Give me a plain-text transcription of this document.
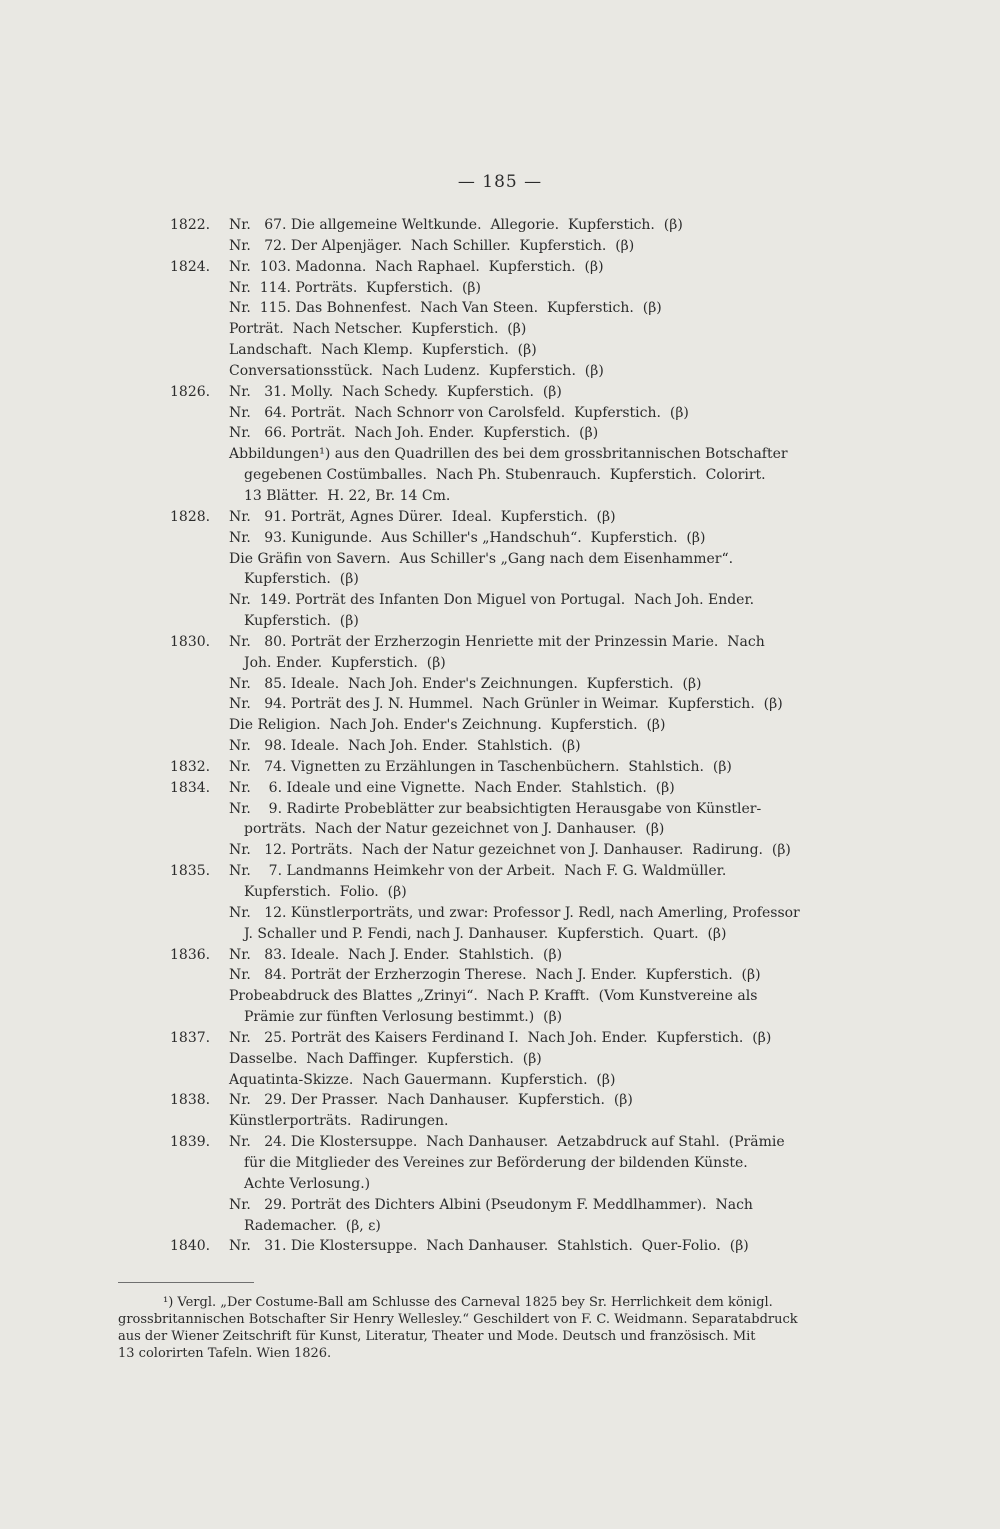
— 185 —
1822.	Nr.   67. Die allgemeine Weltkunde.  Allegorie.  Kupferstich.  (β)
Nr.   72. Der Alpenjäger.  Nach Schiller.  Kupferstich.  (β)
1824.	Nr.  103. Madonna.  Nach Raphael.  Kupferstich.  (β)
Nr.  114. Porträts.  Kupferstich.  (β)
Nr.  115. Das Bohnenfest.  Nach Van Steen.  Kupferstich.  (β)
Porträt.  Nach Netscher.  Kupferstich.  (β)
Landschaft.  Nach Klemp.  Kupferstich.  (β)
Conversationsstück.  Nach Ludenz.  Kupferstich.  (β)
1826.	Nr.   31. Molly.  Nach Schedy.  Kupferstich.  (β)
Nr.   64. Porträt.  Nach Schnorr von Carolsfeld.  Kupferstich.  (β)
Nr.   66. Porträt.  Nach Joh. Ender.  Kupferstich.  (β)
Abbildungen¹) aus den Quadrillen des bei dem grossbritannischen Botschafter
gegebenen Costümballes.  Nach Ph. Stubenrauch.  Kupferstich.  Colorirt.
13 Blätter.  H. 22, Br. 14 Cm.
1828.	Nr.   91. Porträt, Agnes Dürer.  Ideal.  Kupferstich.  (β)
Nr.   93. Kunigunde.  Aus Schiller's „Handschuh“.  Kupferstich.  (β)
Die Gräfin von Savern.  Aus Schiller's „Gang nach dem Eisenhammer“.
Kupferstich.  (β)
Nr.  149. Porträt des Infanten Don Miguel von Portugal.  Nach Joh. Ender.
Kupferstich.  (β)
1830.	Nr.   80. Porträt der Erzherzogin Henriette mit der Prinzessin Marie.  Nach
Joh. Ender.  Kupferstich.  (β)
Nr.   85. Ideale.  Nach Joh. Ender's Zeichnungen.  Kupferstich.  (β)
Nr.   94. Porträt des J. N. Hummel.  Nach Grünler in Weimar.  Kupferstich.  (β)
Die Religion.  Nach Joh. Ender's Zeichnung.  Kupferstich.  (β)
Nr.   98. Ideale.  Nach Joh. Ender.  Stahlstich.  (β)
1832.	Nr.   74. Vignetten zu Erzählungen in Taschenbüchern.  Stahlstich.  (β)
1834.	Nr.    6. Ideale und eine Vignette.  Nach Ender.  Stahlstich.  (β)
Nr.    9. Radirte Probeblätter zur beabsichtigten Herausgabe von Künstler-
porträts.  Nach der Natur gezeichnet von J. Danhauser.  (β)
Nr.   12. Porträts.  Nach der Natur gezeichnet von J. Danhauser.  Radirung.  (β)
1835.	Nr.    7. Landmanns Heimkehr von der Arbeit.  Nach F. G. Waldmüller.
Kupferstich.  Folio.  (β)
Nr.   12. Künstlerporträts, und zwar: Professor J. Redl, nach Amerling, Professor
J. Schaller und P. Fendi, nach J. Danhauser.  Kupferstich.  Quart.  (β)
1836.	Nr.   83. Ideale.  Nach J. Ender.  Stahlstich.  (β)
Nr.   84. Porträt der Erzherzogin Therese.  Nach J. Ender.  Kupferstich.  (β)
Probeabdruck des Blattes „Zrinyi“.  Nach P. Krafft.  (Vom Kunstvereine als
Prämie zur fünften Verlosung bestimmt.)  (β)
1837.	Nr.   25. Porträt des Kaisers Ferdinand I.  Nach Joh. Ender.  Kupferstich.  (β)
Dasselbe.  Nach Daffinger.  Kupferstich.  (β)
Aquatinta-Skizze.  Nach Gauermann.  Kupferstich.  (β)
1838.	Nr.   29. Der Prasser.  Nach Danhauser.  Kupferstich.  (β)
Künstlerporträts.  Radirungen.
1839.	Nr.   24. Die Klostersuppe.  Nach Danhauser.  Aetzabdruck auf Stahl.  (Prämie
für die Mitglieder des Vereines zur Beförderung der bildenden Künste.
Achte Verlosung.)
Nr.   29. Porträt des Dichters Albini (Pseudonym F. Meddlhammer).  Nach
Rademacher.  (β, ε)
1840.	Nr.   31. Die Klostersuppe.  Nach Danhauser.  Stahlstich.  Quer-Folio.  (β)
¹) Vergl. „Der Costume-Ball am Schlusse des Carneval 1825 bey Sr. Herrlichkeit dem königl.
grossbritannischen Botschafter Sir Henry Wellesley.“ Geschildert von F. C. Weidmann. Separatabdruck
aus der Wiener Zeitschrift für Kunst, Literatur, Theater und Mode. Deutsch und französisch. Mit
13 colorirten Tafeln. Wien 1826.
